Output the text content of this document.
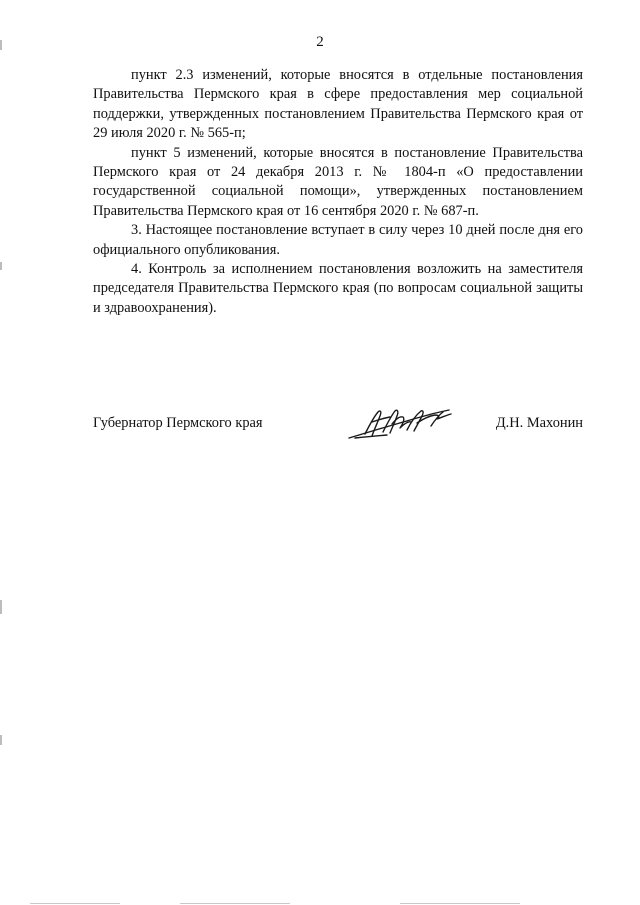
2

пункт 2.3 изменений, которые вносятся в отдельные постановления Правительства Пермского края в сфере предоставления мер социальной поддержки, утвержденных постановлением Правительства Пермского края от 29 июля 2020 г. № 565-п;

пункт 5 изменений, которые вносятся в постановление Правительства Пермского края от 24 декабря 2013 г. № 1804-п «О предоставлении государственной социальной помощи», утвержденных постановлением Правительства Пермского края от 16 сентября 2020 г. № 687-п.

3. Настоящее постановление вступает в силу через 10 дней после дня его официального опубликования.

4. Контроль за исполнением постановления возложить на заместителя председателя Правительства Пермского края (по вопросам социальной защиты и здравоохранения).

Губернатор Пермского края	Д.Н. Махонин
